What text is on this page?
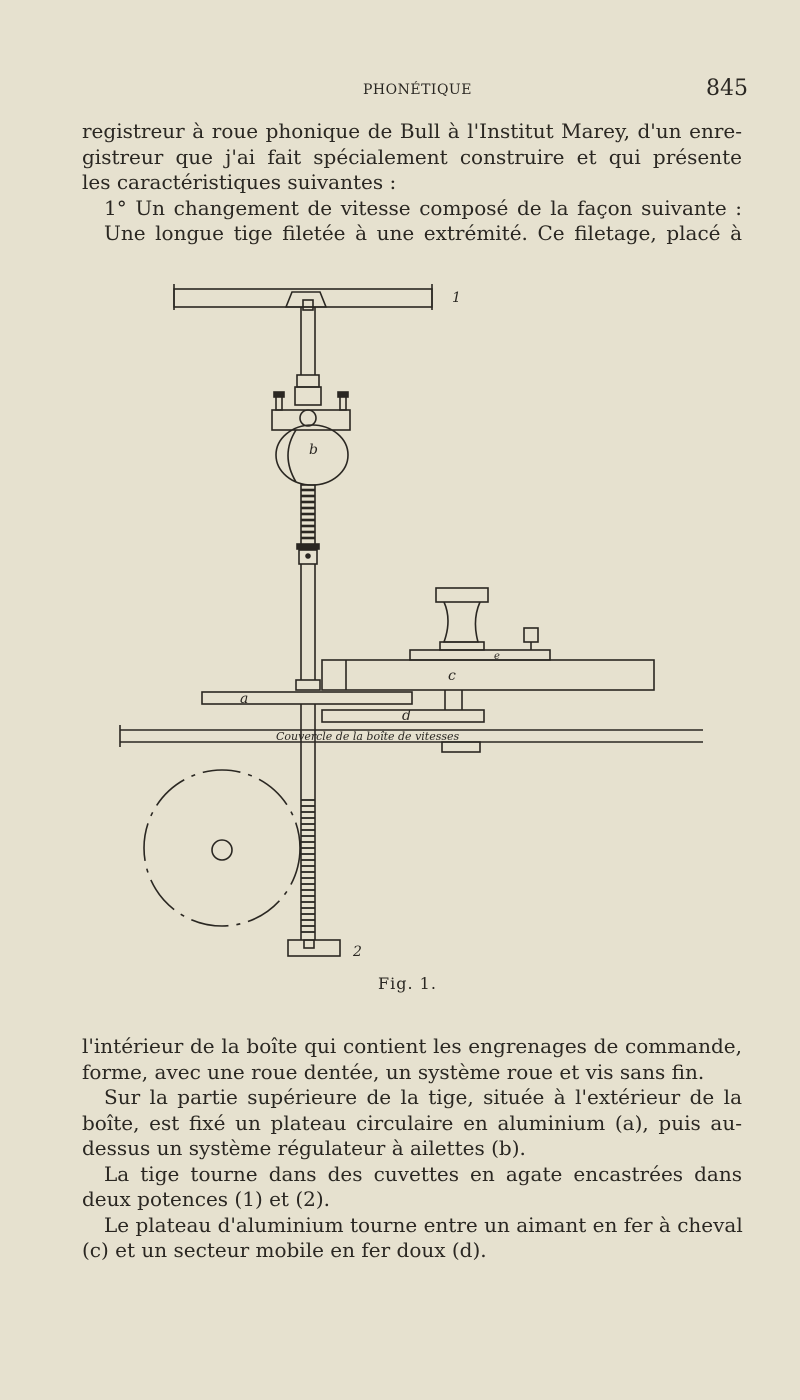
PHONÉTIQUE	845
registreur à roue phonique de Bull à l'Institut Marey, d'un enre-
gistreur que j'ai fait spécialement construire et qui présente
les caractéristiques suivantes :
1° Un changement de vitesse composé de la façon suivante :
Une longue tige filetée à une extrémité. Ce filetage, placé à
1
2
b
e
c
a
d
Couvercle de la boîte de vitesses
Fig. 1.
l'intérieur de la boîte qui contient les engrenages de commande,
forme, avec une roue dentée, un système roue et vis sans fin.
Sur la partie supérieure de la tige, située à l'extérieur de la
boîte, est fixé un plateau circulaire en aluminium (a), puis au-
dessus un système régulateur à ailettes (b).
La tige tourne dans des cuvettes en agate encastrées dans
deux potences (1) et (2).
Le plateau d'aluminium tourne entre un aimant en fer à cheval
(c) et un secteur mobile en fer doux (d).
